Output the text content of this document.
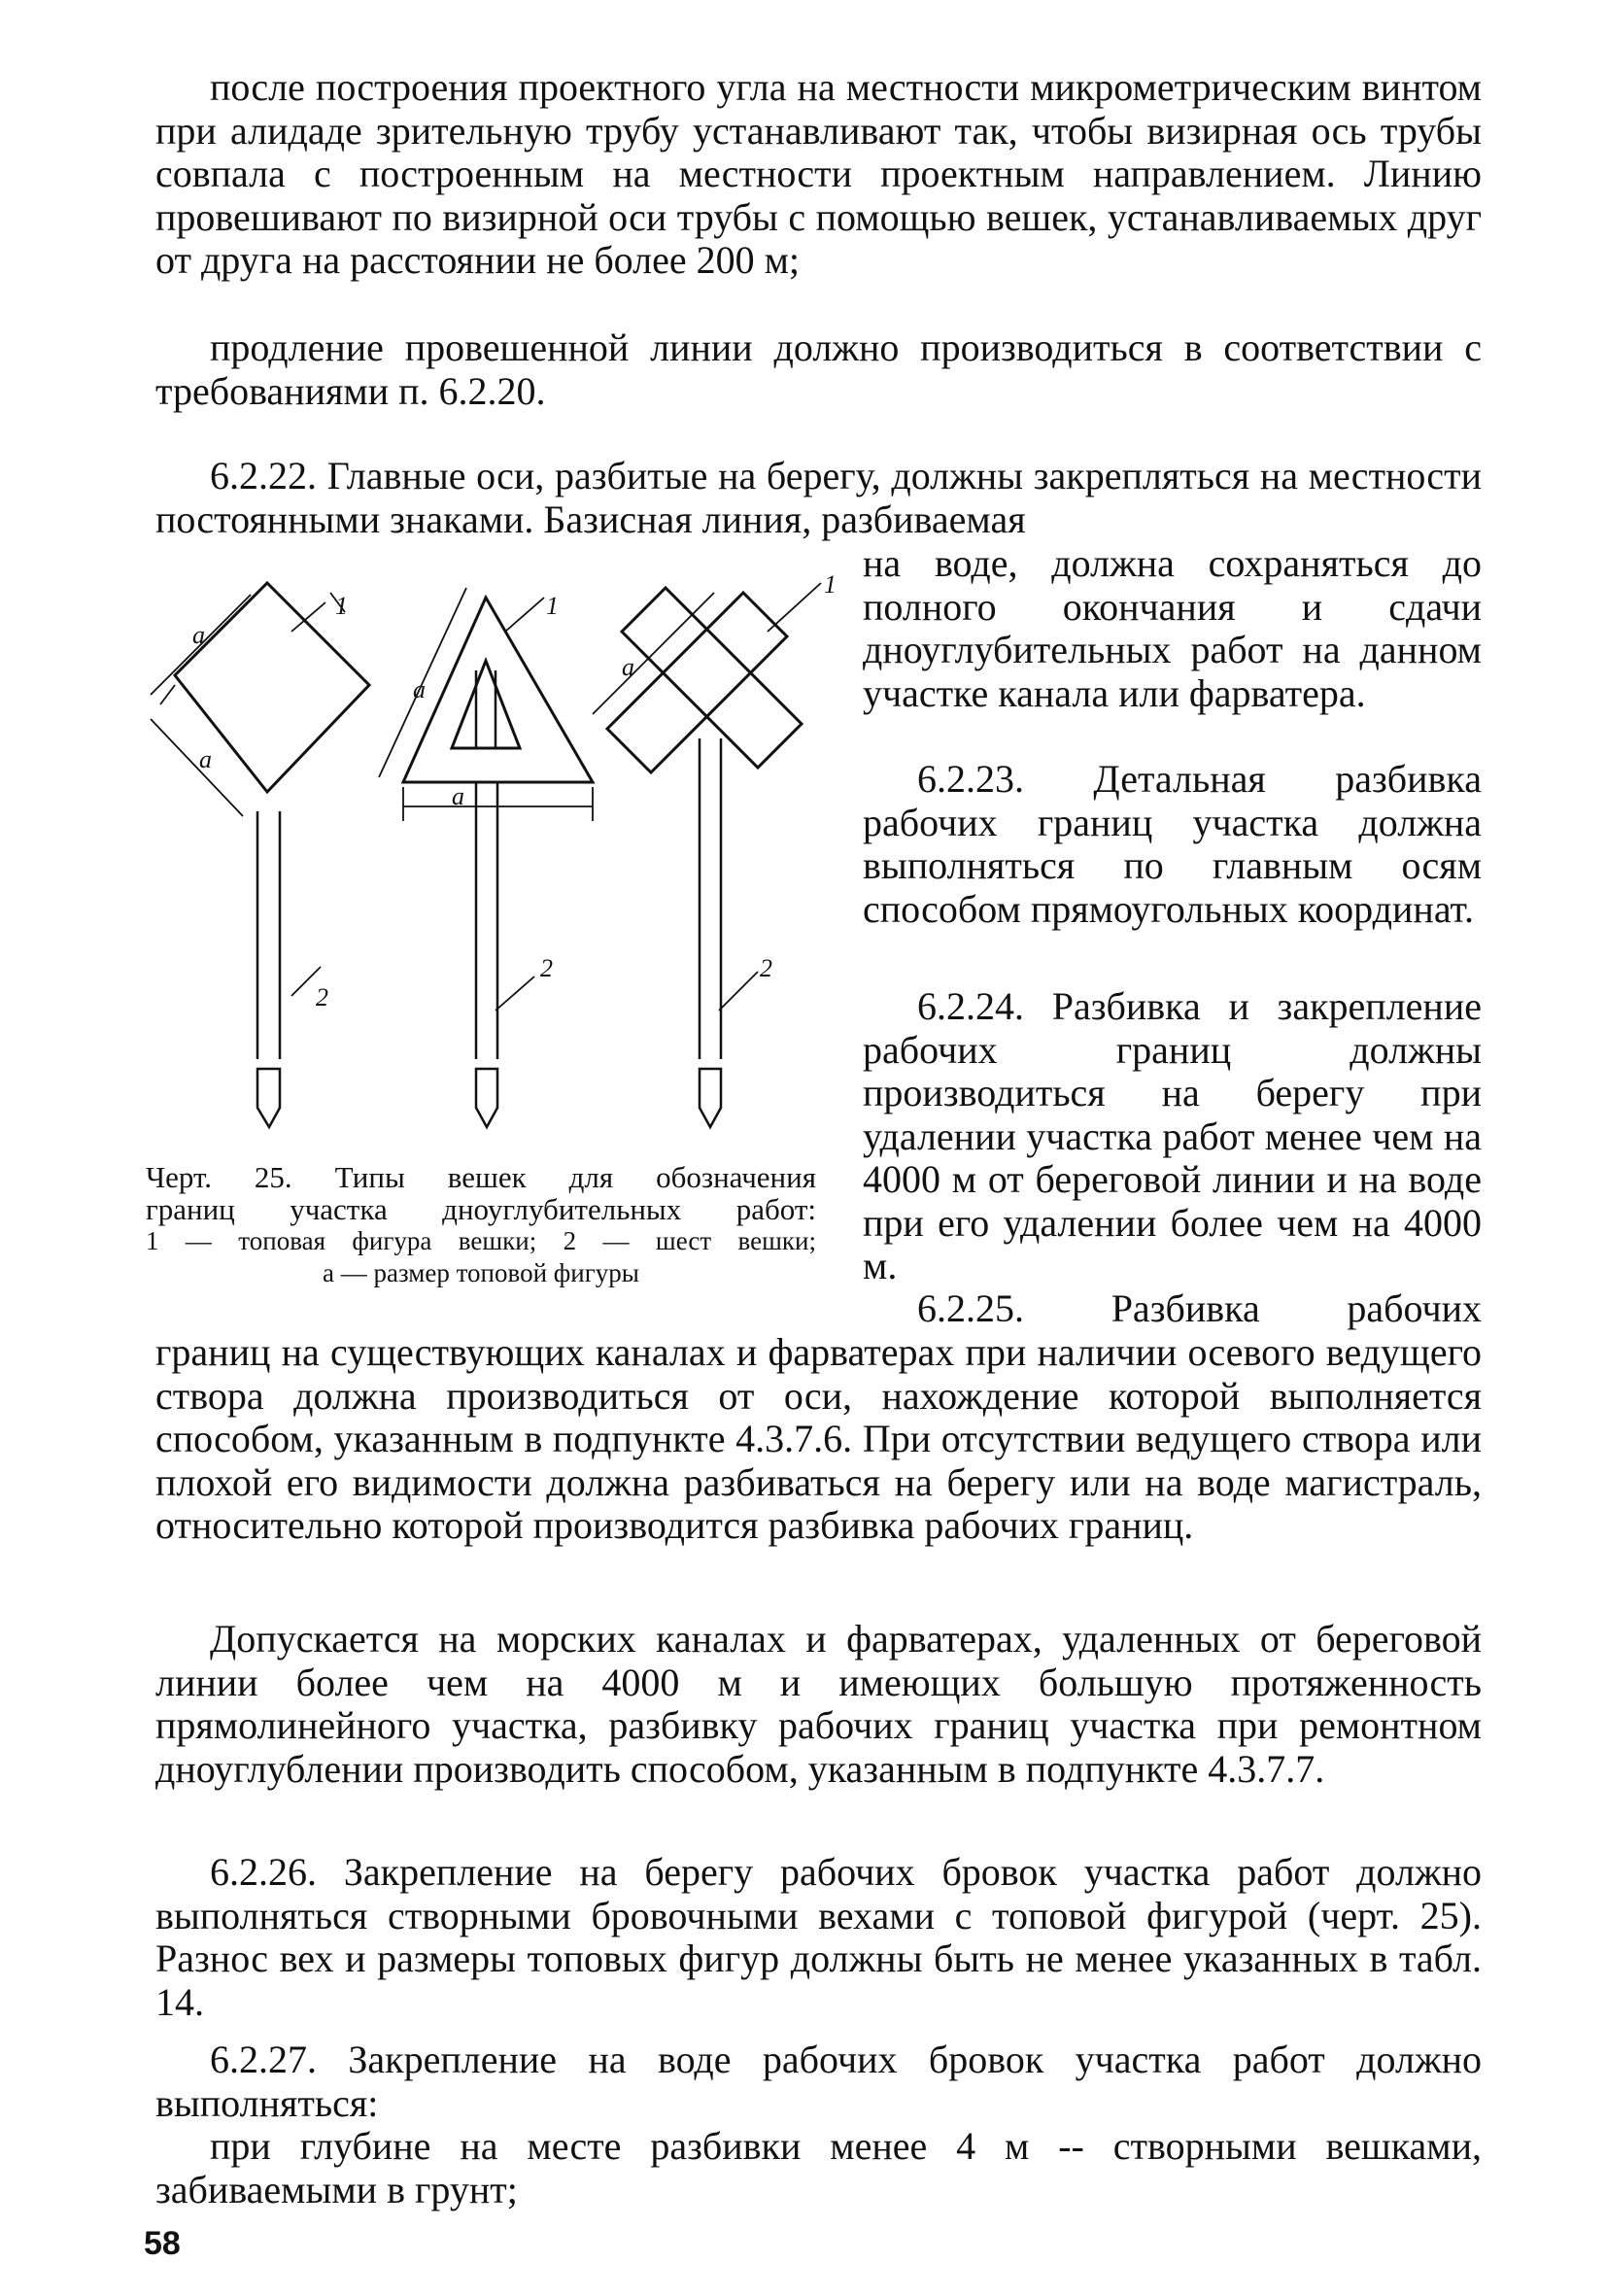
после построения проектного угла на местности микрометрическим винтом при алидаде зрительную трубу устанавливают так, чтобы визирная ось трубы совпала с построенным на местности проектным направлением. Линию провешивают по визирной оси трубы с помощью вешек, устанавливаемых друг от друга на расстоянии не более 200 м;

продление провешенной линии должно производиться в соответствии с требованиями п. 6.2.20.

6.2.22. Главные оси, разбитые на берегу, должны закрепляться на местности постоянными знаками. Базисная линия, разбиваемая

на воде, должна сохраняться до полного окончания и сдачи дноуглубительных работ на данном участке канала или фарватера.

6.2.23. Детальная разбивка рабочих границ участка должна выполняться по главным осям способом прямоугольных координат.

6.2.24. Разбивка и закрепление рабочих границ должны производиться на берегу при удалении участка работ менее чем на 4000 м от береговой линии и на воде при его удалении более чем на 4000 м.

6.2.25. Разбивка рабочих

границ на существующих каналах и фарватерах при наличии осевого ведущего створа должна производиться от оси, нахождение которой выполняется способом, указанным в подпункте 4.3.7.6. При отсутствии ведущего створа или плохой его видимости должна разбиваться на берегу или на воде магистраль, относительно которой производится разбивка рабочих границ.

Допускается на морских каналах и фарватерах, удаленных от береговой линии более чем на 4000 м и имеющих большую протяженность прямолинейного участка, разбивку рабочих границ участка при ремонтном дноуглублении производить способом, указанным в подпункте 4.3.7.7.

6.2.26. Закрепление на берегу рабочих бровок участка работ должно выполняться створными бровочными вехами с топовой фигурой (черт. 25). Разнос вех и размеры топовых фигур должны быть не менее указанных в табл. 14.

6.2.27. Закрепление на воде рабочих бровок участка работ должно выполняться:

при глубине на месте разбивки менее 4 м -- створными вешками, забиваемыми в грунт;

1	1
1
2
2	2
a
a
a
a
a
Черт. 25. Типы вешек для обозначения
границ участка дноуглубительных работ:
1 — топовая фигура вешки; 2 — шест вешки;
a — размер топовой фигуры
58
